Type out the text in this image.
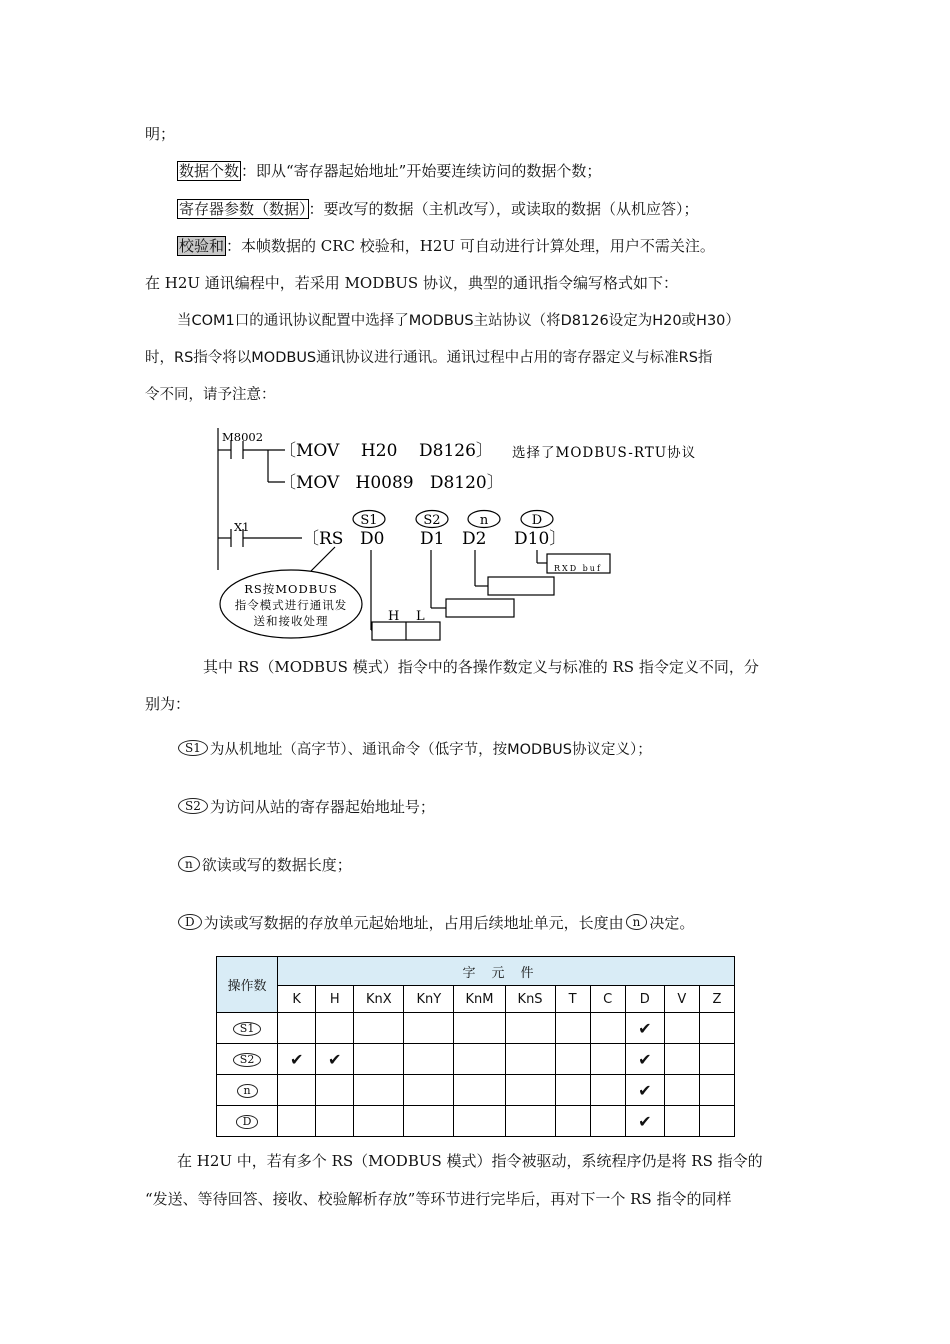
明；
数据个数 ：即从“寄存器起始地址”开始要连续访问的数据个数；
寄存器参数（数据） ：要改写的数据（主机改写），或读取的数据（从机应答）；
校验和 ：本帧数据的 CRC 校验和，H2U 可自动进行计算处理，用户不需关注。
在 H2U 通讯编程中，若采用 MODBUS 协议，典型的通讯指令编写格式如下：
当COM1口的通讯协议配置中选择了MODBUS主站协议（将D8126设定为H20或H30）
时，RS指令将以MODBUS通讯协议进行通讯。通讯过程中占用的寄存器定义与标准RS指
令不同，请予注意：
M8002
〔MOV    H20    D8126〕 选择了MODBUS-RTU协议
〔MOV   H0089   D8120〕
X1
〔RS D0 D1 D2 D10〕
S1	S2	n	D
RXD buf
RS按MODBUS
指令模式进行通讯发
送和接收处理	H L
其中 RS（MODBUS 模式）指令中的各操作数定义与标准的 RS 指令定义不同，分
别为：
S1 为从机地址（高字节）、通讯命令（低字节，按MODBUS协议定义）；
S2 为访问从站的寄存器起始地址号；
n 欲读或写的数据长度；
D 为读或写数据的存放单元起始地址，占用后续地址单元，长度由 n 决定。
操作数	字元件										
	K	H	KnX	KnY	KnM	KnS	T	C	D	V	Z
S1									✔		
S2	✔	✔							✔		
n									✔		
D									✔		
在 H2U 中，若有多个 RS（MODBUS 模式）指令被驱动，系统程序仍是将 RS 指令的
“发送、等待回答、接收、校验解析存放”等环节进行完毕后，再对下一个 RS 指令的同样
